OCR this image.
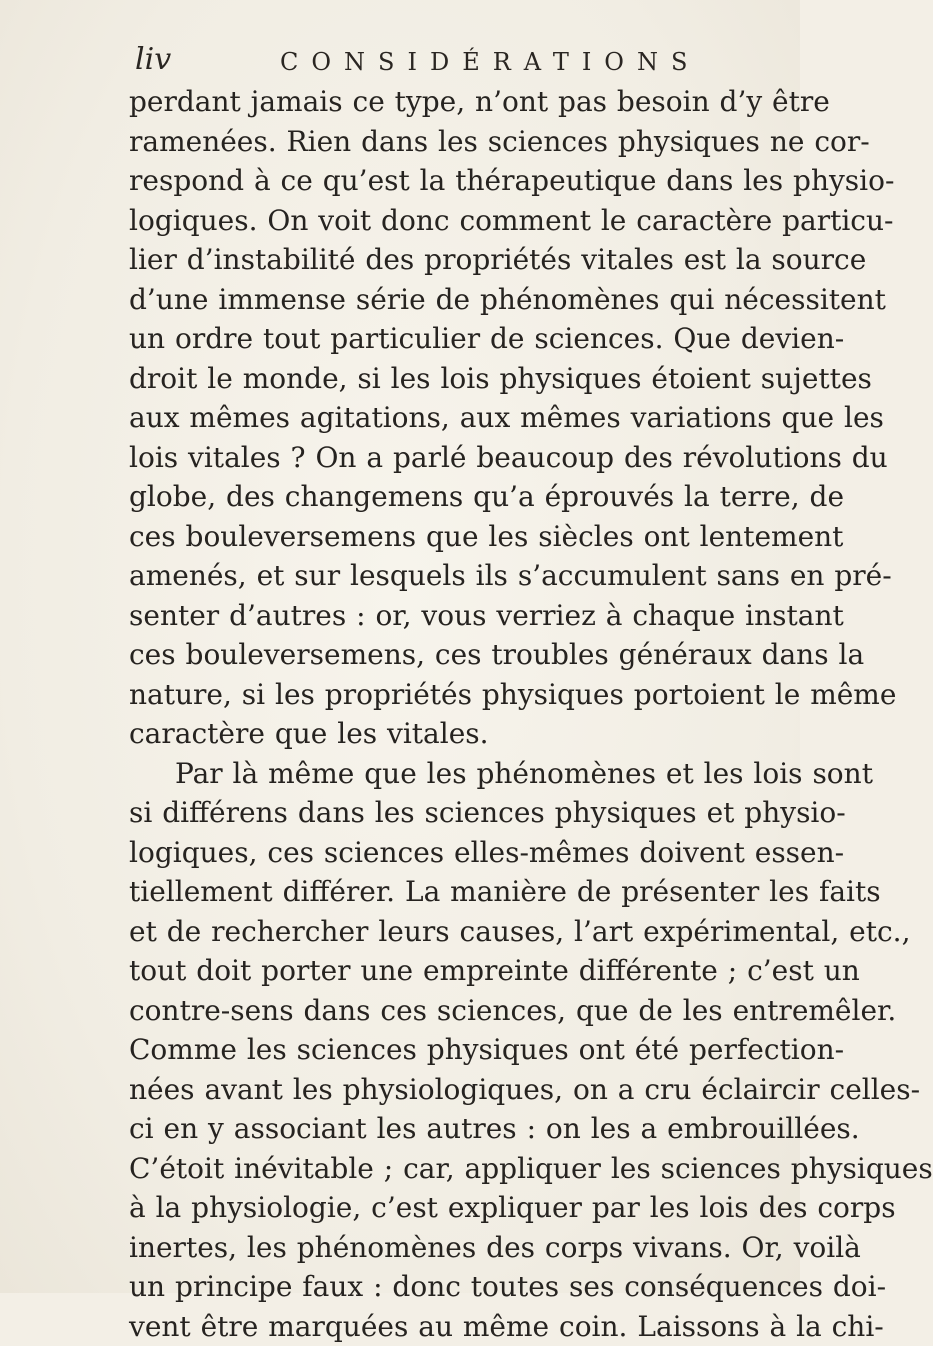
liv	CONSIDÉRATIONS
perdant jamais ce type, n’ont pas besoin d’y être
ramenées. Rien dans les sciences physiques ne cor-
respond à ce qu’est la thérapeutique dans les physio-
logiques. On voit donc comment le caractère particu-
lier d’instabilité des propriétés vitales est la source
d’une immense série de phénomènes qui nécessitent
un ordre tout particulier de sciences. Que devien-
droit le monde, si les lois physiques étoient sujettes
aux mêmes agitations, aux mêmes variations que les
lois vitales ? On a parlé beaucoup des révolutions du
globe, des changemens qu’a éprouvés la terre, de
ces bouleversemens que les siècles ont lentement
amenés, et sur lesquels ils s’accumulent sans en pré-
senter d’autres : or, vous verriez à chaque instant
ces bouleversemens, ces troubles généraux dans la
nature, si les propriétés physiques portoient le même
caractère que les vitales.
Par là même que les phénomènes et les lois sont
si différens dans les sciences physiques et physio-
logiques, ces sciences elles-mêmes doivent essen-
tiellement différer. La manière de présenter les faits
et de rechercher leurs causes, l’art expérimental, etc.,
tout doit porter une empreinte différente ; c’est un
contre-sens dans ces sciences, que de les entremêler.
Comme les sciences physiques ont été perfection-
nées avant les physiologiques, on a cru éclaircir celles-
ci en y associant les autres : on les a embrouillées.
C’étoit inévitable ; car, appliquer les sciences physiques
à la physiologie, c’est expliquer par les lois des corps
inertes, les phénomènes des corps vivans. Or, voilà
un principe faux : donc toutes ses conséquences doi-
vent être marquées au même coin. Laissons à la chi-
